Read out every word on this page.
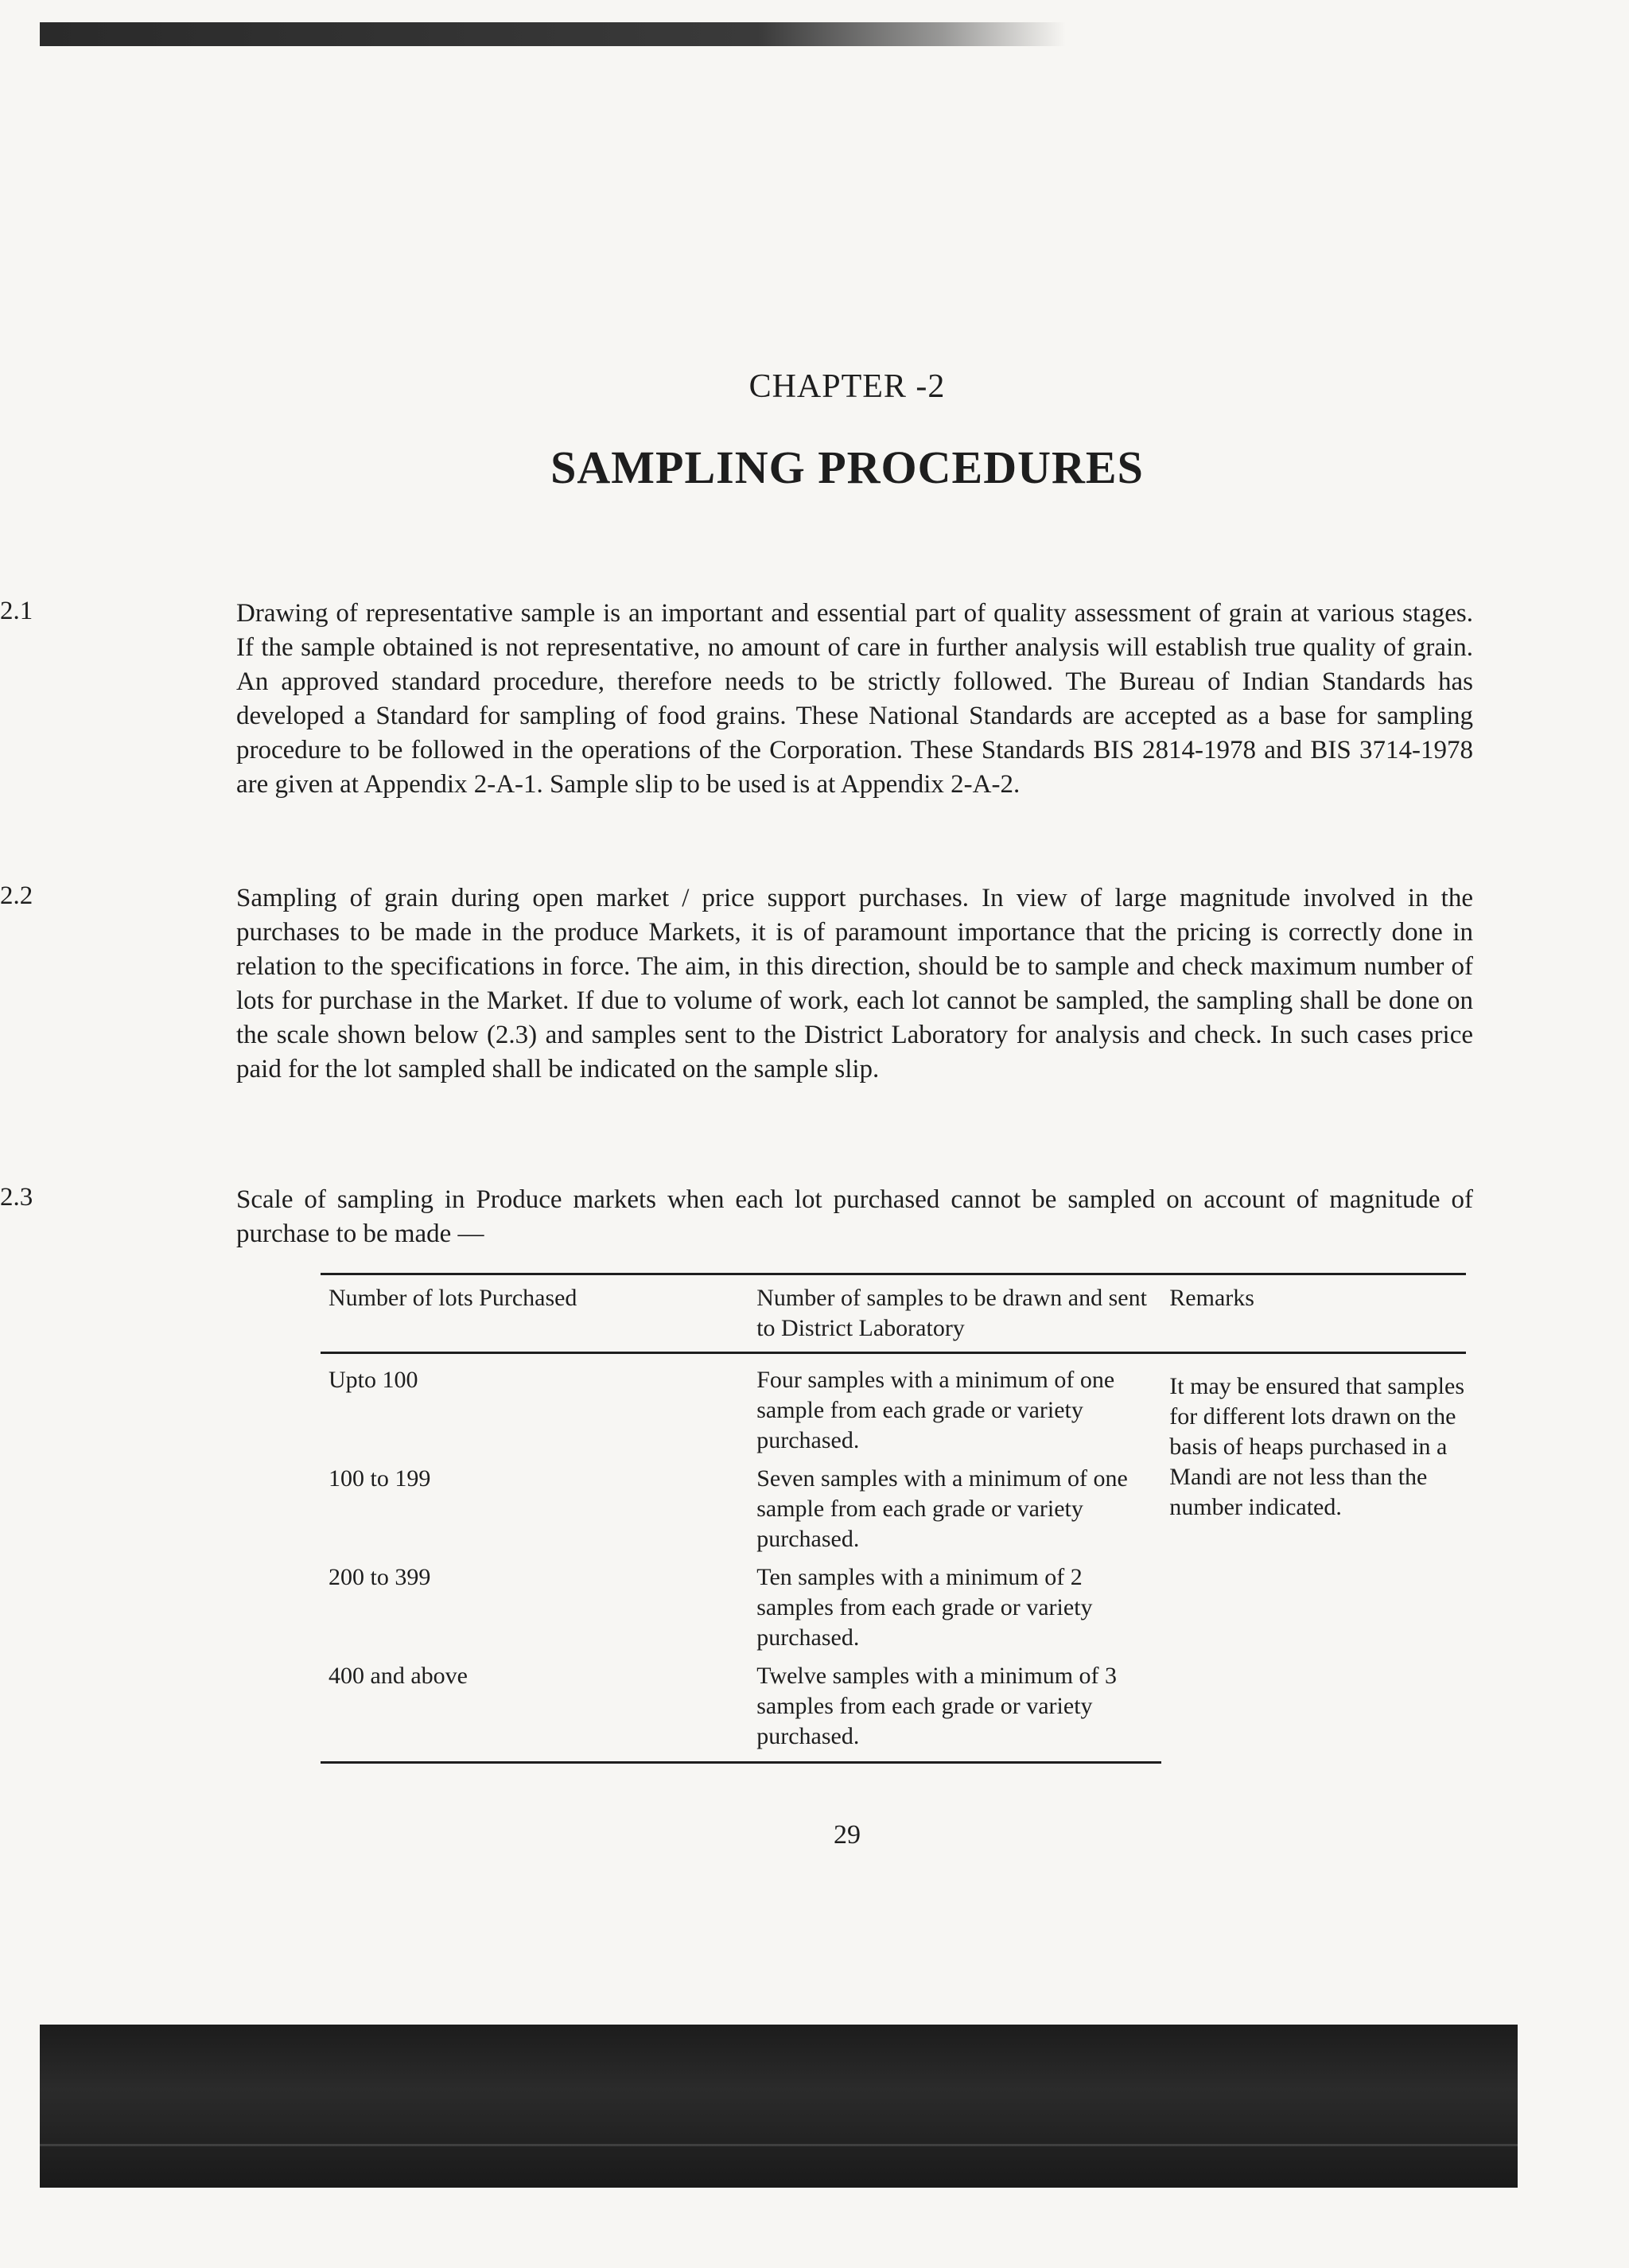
CHAPTER -2
SAMPLING PROCEDURES
2.1	Drawing of representative sample is an important and essential part of quality assessment of grain at various stages. If the sample obtained is not representative, no amount of care in further analysis will establish true quality of grain. An approved standard procedure, therefore needs to be strictly followed. The Bureau of Indian Standards has developed a Standard for sampling of food grains. These National Standards are accepted as a base for sampling procedure to be followed in the operations of the Corporation. These Standards BIS 2814-1978 and BIS 3714-1978 are given at Appendix 2-A-1. Sample slip to be used is at Appendix 2-A-2.

2.2	Sampling of grain during open market / price support purchases. In view of large magnitude involved in the purchases to be made in the produce Markets, it is of paramount importance that the pricing is correctly done in relation to the specifications in force. The aim, in this direction, should be to sample and check maximum number of lots for purchase in the Market. If due to volume of work, each lot cannot be sampled, the sampling shall be done on the scale shown below (2.3) and samples sent to the District Laboratory for analysis and check. In such cases price paid for the lot sampled shall be indicated on the sample slip.

2.3	Scale of sampling in Produce markets when each lot purchased cannot be sampled on account of magnitude of purchase to be made —

Number of lots Purchased	Number of samples to be drawn and sent to District Laboratory	Remarks
Upto 100	Four samples with a minimum of one sample from each grade or variety purchased.	It may be ensured that samples for different lots drawn on the basis of heaps purchased in a Mandi are not less than the number indicated.

100 to 199	Seven samples with a minimum of one sample from each grade or variety purchased.	

200 to 399	Ten samples with a minimum of 2 samples from each grade or variety purchased.	

400 and above	Twelve samples with a minimum of 3 samples from each grade or variety purchased.	
29
